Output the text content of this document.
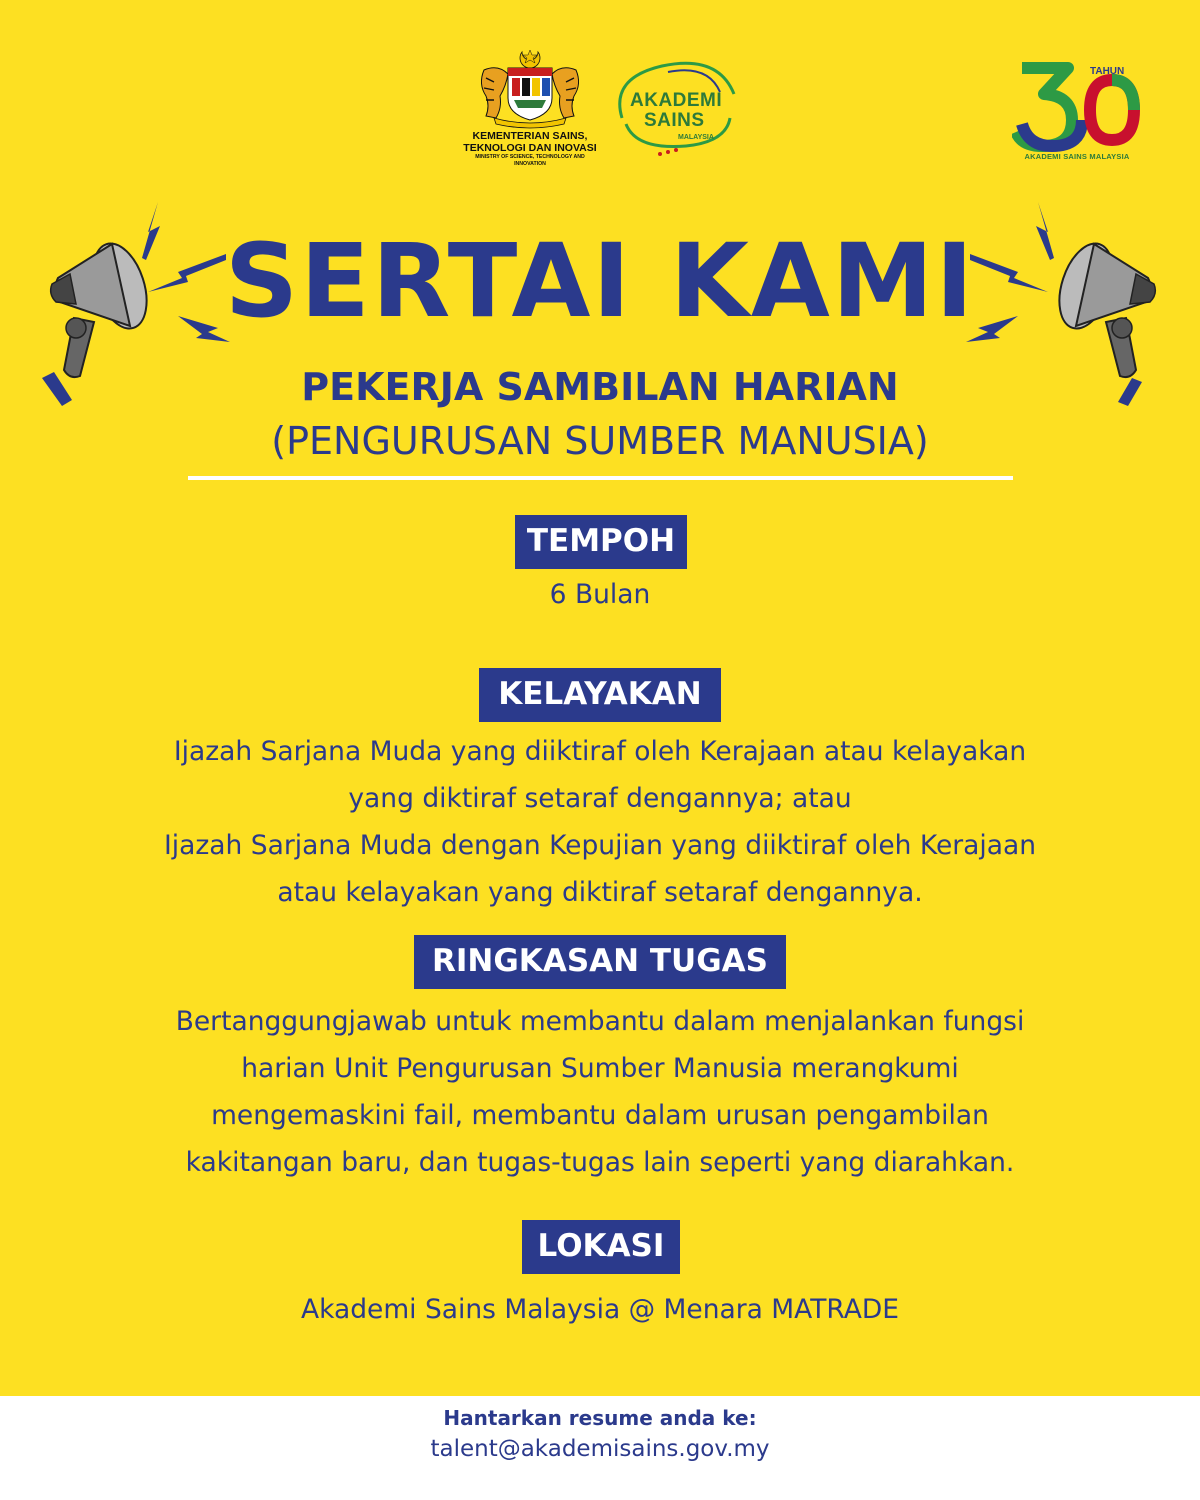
KEMENTERIAN SAINS,
TEKNOLOGI DAN INOVASI
MINISTRY OF SCIENCE, TECHNOLOGY AND INNOVATION
AKADEMI
SAINS
MALAYSIA
TAHUN
AKADEMI SAINS MALAYSIA
SERTAI KAMI
PEKERJA SAMBILAN HARIAN
(PENGURUSAN SUMBER MANUSIA)
TEMPOH
6 Bulan
KELAYAKAN
Ijazah Sarjana Muda yang diiktiraf oleh Kerajaan atau kelayakan
yang diktiraf setaraf dengannya; atau
Ijazah Sarjana Muda dengan Kepujian yang diiktiraf oleh Kerajaan
atau kelayakan yang diktiraf setaraf dengannya.
RINGKASAN TUGAS
Bertanggungjawab untuk membantu dalam menjalankan fungsi
harian Unit Pengurusan Sumber Manusia merangkumi
mengemaskini fail, membantu dalam urusan pengambilan
kakitangan baru, dan tugas-tugas lain seperti yang diarahkan.
LOKASI
Akademi Sains Malaysia @ Menara MATRADE
Hantarkan resume anda ke:
talent@akademisains.gov.my
